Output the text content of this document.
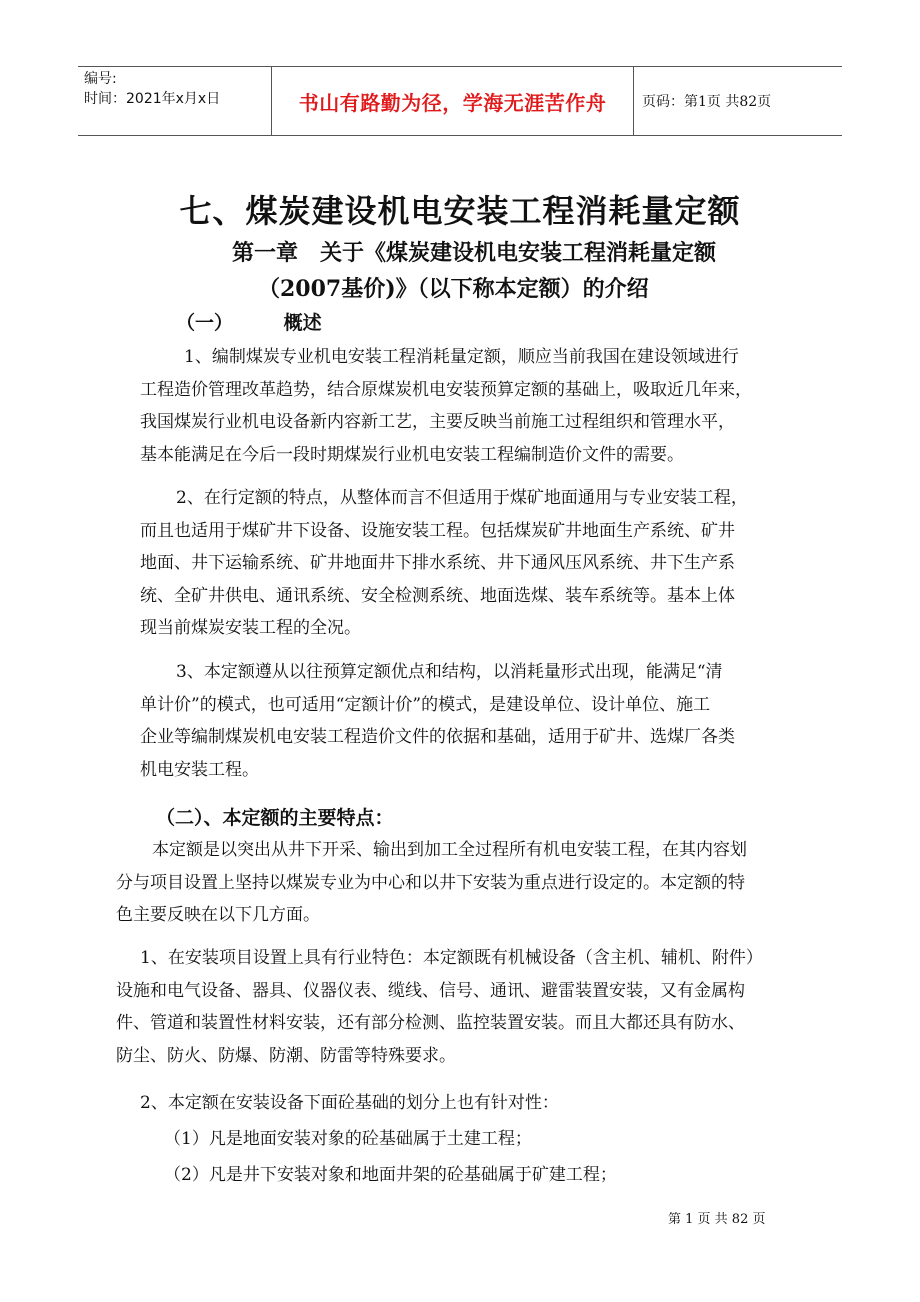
编号:
时间：2021年x月x日	书山有路勤为径，学海无涯苦作舟	页码：第1页 共82页
七、煤炭建设机电安装工程消耗量定额
第一章　关于《煤炭建设机电安装工程消耗量定额
（2007基价)》（以下称本定额）的介绍
（一）	概述
1、编制煤炭专业机电安装工程消耗量定额，顺应当前我国在建设领域进行
工程造价管理改革趋势，结合原煤炭机电安装预算定额的基础上，吸取近几年来，
我国煤炭行业机电设备新内容新工艺，主要反映当前施工过程组织和管理水平，
基本能满足在今后一段时期煤炭行业机电安装工程编制造价文件的需要。
2、在行定额的特点，从整体而言不但适用于煤矿地面通用与专业安装工程，
而且也适用于煤矿井下设备、设施安装工程。包括煤炭矿井地面生产系统、矿井
地面、井下运输系统、矿井地面井下排水系统、井下通风压风系统、井下生产系
统、全矿井供电、通讯系统、安全检测系统、地面选煤、装车系统等。基本上体
现当前煤炭安装工程的全况。
3、本定额遵从以往预算定额优点和结构，以消耗量形式出现，能满足“清
单计价”的模式，也可适用“定额计价”的模式，是建设单位、设计单位、施工
企业等编制煤炭机电安装工程造价文件的依据和基础，适用于矿井、选煤厂各类
机电安装工程。
（二）、本定额的主要特点：
本定额是以突出从井下开采、输出到加工全过程所有机电安装工程，在其内容划
分与项目设置上坚持以煤炭专业为中心和以井下安装为重点进行设定的。本定额的特
色主要反映在以下几方面。
1、在安装项目设置上具有行业特色：本定额既有机械设备（含主机、辅机、附件）
设施和电气设备、器具、仪器仪表、缆线、信号、通讯、避雷装置安装，又有金属构
件、管道和装置性材料安装，还有部分检测、监控装置安装。而且大都还具有防水、
防尘、防火、防爆、防潮、防雷等特殊要求。
2、本定额在安装设备下面砼基础的划分上也有针对性：
（1）凡是地面安装对象的砼基础属于土建工程；
（2）凡是井下安装对象和地面井架的砼基础属于矿建工程；
第 1 页 共 82 页
